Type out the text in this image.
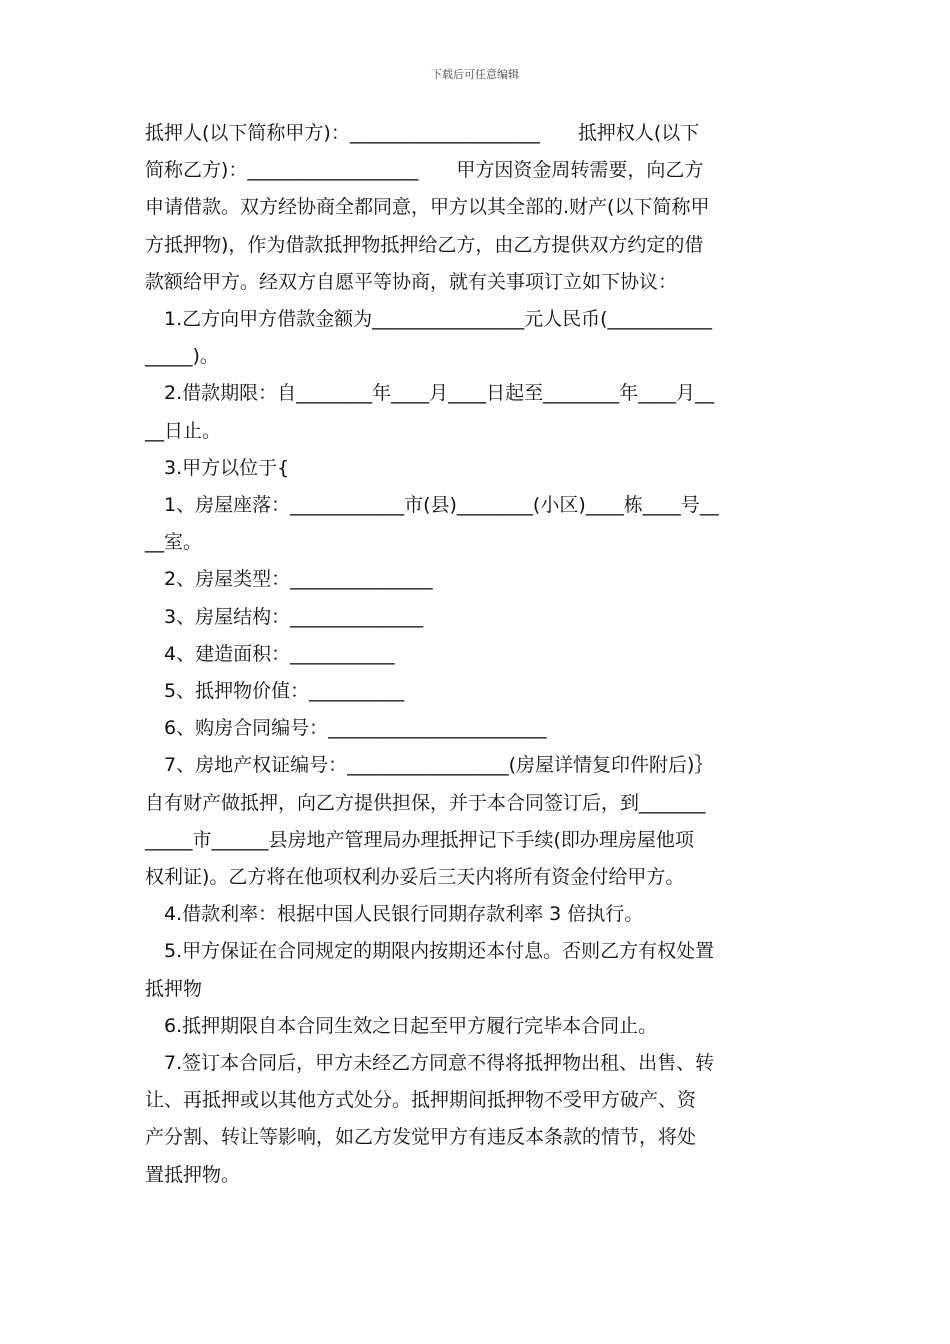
下载后可任意编辑

抵押人(以下简称甲方)：____________________　　抵押权人(以下

简称乙方)：__________________　　甲方因资金周转需要，向乙方

申请借款。双方经协商全都同意，甲方以其全部的.财产(以下简称甲

方抵押物)，作为借款抵押物抵押给乙方，由乙方提供双方约定的借

款额给甲方。经双方自愿平等协商，就有关事项订立如下协议：

1.乙方向甲方借款金额为________________元人民币(___________

_____)。

2.借款期限：自________年____月____日起至________年____月__

__日止。

3.甲方以位于{

1、房屋座落：____________市(县)________(小区)____栋____号__

__室。

2、房屋类型：_______________

3、房屋结构：______________

4、建造面积：___________

5、抵押物价值：__________

6、购房合同编号：_______________________

7、房地产权证编号：_________________(房屋详情复印件附后)｝

自有财产做抵押，向乙方提供担保，并于本合同签订后，到_______

_____市______县房地产管理局办理抵押记下手续(即办理房屋他项

权利证)。乙方将在他项权利办妥后三天内将所有资金付给甲方。

4.借款利率：根据中国人民银行同期存款利率 3 倍执行。

5.甲方保证在合同规定的期限内按期还本付息。否则乙方有权处置

抵押物

6.抵押期限自本合同生效之日起至甲方履行完毕本合同止。

7.签订本合同后，甲方未经乙方同意不得将抵押物出租、出售、转

让、再抵押或以其他方式处分。抵押期间抵押物不受甲方破产、资

产分割、转让等影响，如乙方发觉甲方有违反本条款的情节，将处

置抵押物。
